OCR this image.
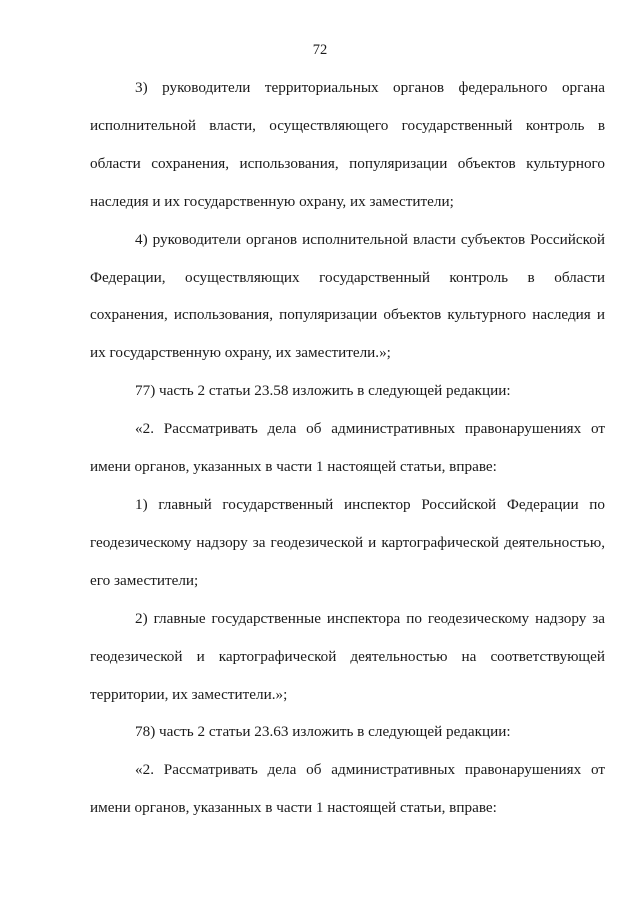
72

3) руководители территориальных органов федерального органа исполнительной власти, осуществляющего государственный контроль в области сохранения, использования, популяризации объектов культурного наследия и их государственную охрану, их заместители;

4) руководители органов исполнительной власти субъектов Российской Федерации, осуществляющих государственный контроль в области сохранения, использования, популяризации объектов культурного наследия и их государственную охрану, их заместители.»;

77) часть 2 статьи 23.58 изложить в следующей редакции:

«2. Рассматривать дела об административных правонарушениях от имени органов, указанных в части 1 настоящей статьи, вправе:

1) главный государственный инспектор Российской Федерации по геодезическому надзору за геодезической и картографической деятельностью, его заместители;

2) главные государственные инспектора по геодезическому надзору за геодезической и картографической деятельностью на соответствующей территории, их заместители.»;

78) часть 2 статьи 23.63 изложить в следующей редакции:

«2. Рассматривать дела об административных правонарушениях от имени органов, указанных в части 1 настоящей статьи, вправе:
